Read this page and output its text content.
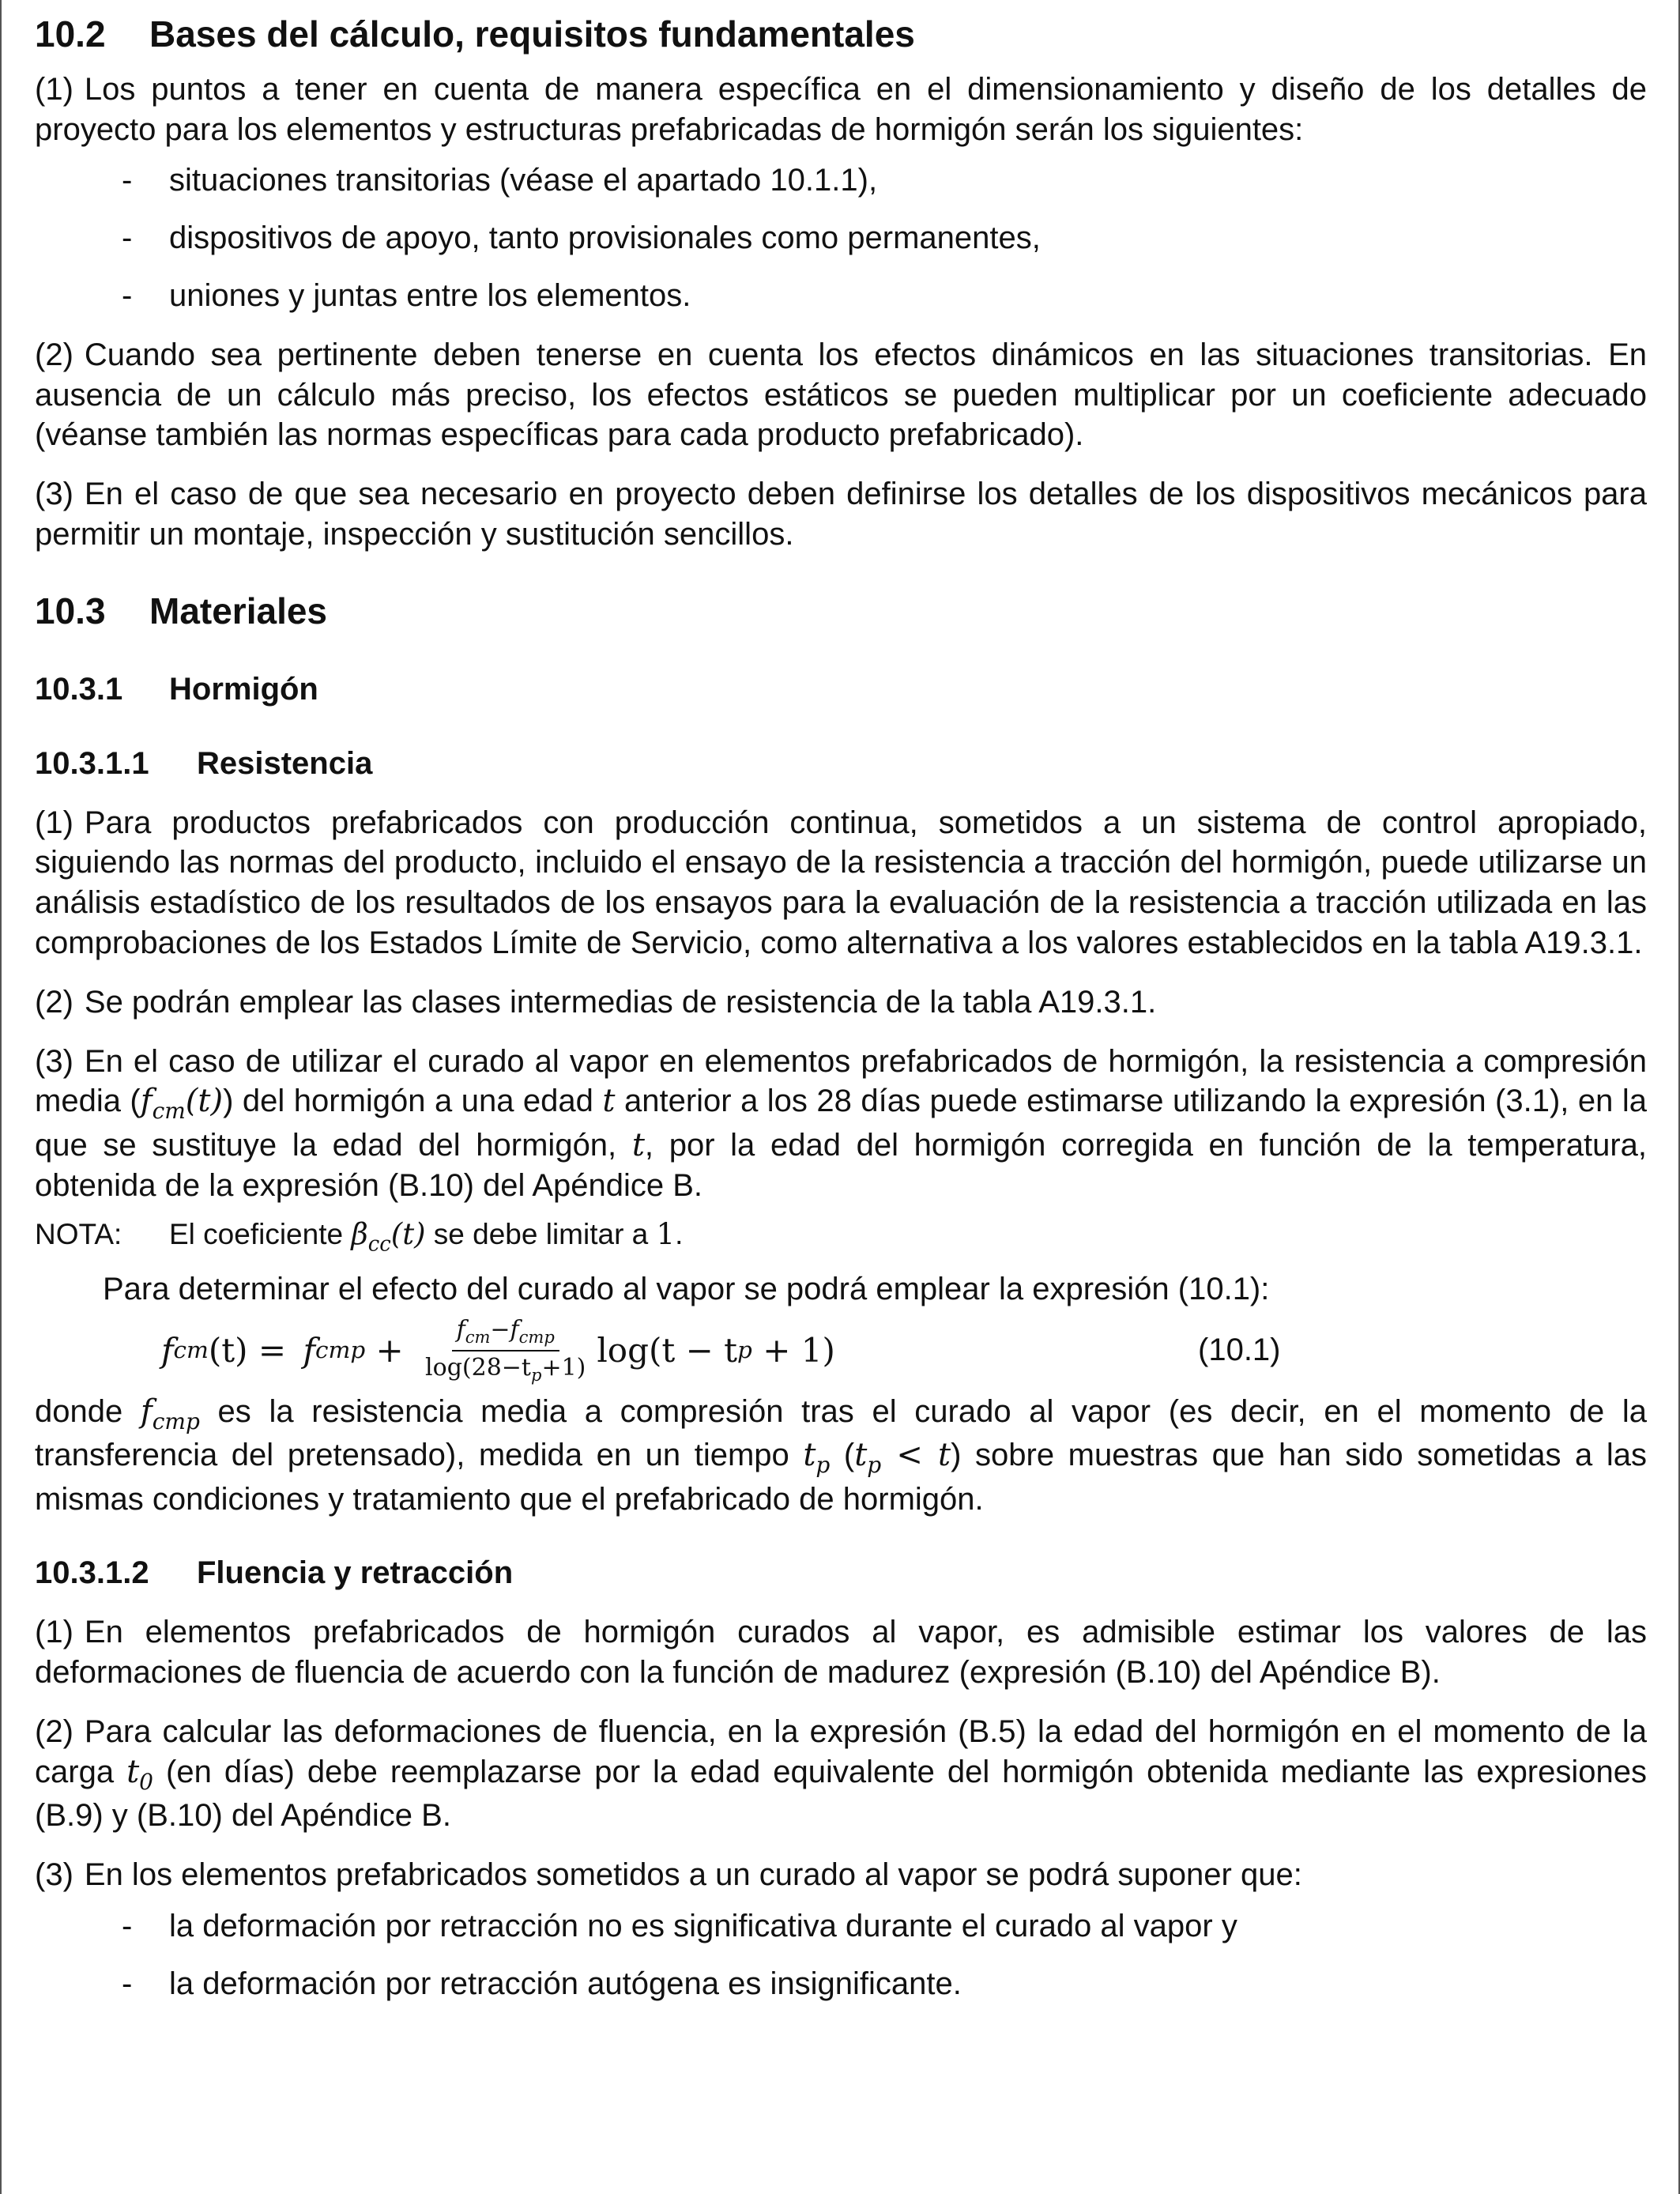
10.2 Bases del cálculo, requisitos fundamentales

(1) Los puntos a tener en cuenta de manera específica en el dimensionamiento y diseño de los detalles de proyecto para los elementos y estructuras prefabricadas de hormigón serán los siguientes:

- situaciones transitorias (véase el apartado 10.1.1),
- dispositivos de apoyo, tanto provisionales como permanentes,
- uniones y juntas entre los elementos.

(2) Cuando sea pertinente deben tenerse en cuenta los efectos dinámicos en las situaciones transitorias. En ausencia de un cálculo más preciso, los efectos estáticos se pueden multiplicar por un coeficiente adecuado (véanse también las normas específicas para cada producto prefabricado).

(3) En el caso de que sea necesario en proyecto deben definirse los detalles de los dispositivos mecánicos para permitir un montaje, inspección y sustitución sencillos.

10.3 Materiales
10.3.1 Hormigón
10.3.1.1 Resistencia

(1) Para productos prefabricados con producción continua, sometidos a un sistema de control apropiado, siguiendo las normas del producto, incluido el ensayo de la resistencia a tracción del hormigón, puede utilizarse un análisis estadístico de los resultados de los ensayos para la evaluación de la resistencia a tracción utilizada en las comprobaciones de los Estados Límite de Servicio, como alternativa a los valores establecidos en la tabla A19.3.1.

(2) Se podrán emplear las clases intermedias de resistencia de la tabla A19.3.1.

(3) En el caso de utilizar el curado al vapor en elementos prefabricados de hormigón, la resistencia a compresión media $(f_{cm}(t))$ del hormigón a una edad t anterior a los 28 días puede estimarse utilizando la expresión (3.1), en la que se sustituye la edad del hormigón, t, por la edad del hormigón corregida en función de la temperatura, obtenida de la expresión (B.10) del Apéndice B.

NOTA: El coeficiente $\beta_{cc}(t)$ se debe limitar a 1.

Para determinar el efecto del curado al vapor se podrá emplear la expresión (10.1):

f cm (t) = f cmp + $\frac{f_{cm}-f_{cmp}}{\log(28-t_p+1)} \log(t - t$ p + 1)	(10.1)

donde $f_{cmp}$ es la resistencia media a compresión tras el curado al vapor (es decir, en el momento de la transferencia del pretensado), medida en un tiempo $t_p$ $(t_p < t)$ sobre muestras que han sido sometidas a las mismas condiciones y tratamiento que el prefabricado de hormigón.

10.3.1.2 Fluencia y retracción

(1) En elementos prefabricados de hormigón curados al vapor, es admisible estimar los valores de las deformaciones de fluencia de acuerdo con la función de madurez (expresión (B.10) del Apéndice B).

(2) Para calcular las deformaciones de fluencia, en la expresión (B.5) la edad del hormigón en el momento de la carga $t_0$ (en días) debe reemplazarse por la edad equivalente del hormigón obtenida mediante las expresiones (B.9) y (B.10) del Apéndice B.

(3) En los elementos prefabricados sometidos a un curado al vapor se podrá suponer que:

- la deformación por retracción no es significativa durante el curado al vapor y
- la deformación por retracción autógena es insignificante.
